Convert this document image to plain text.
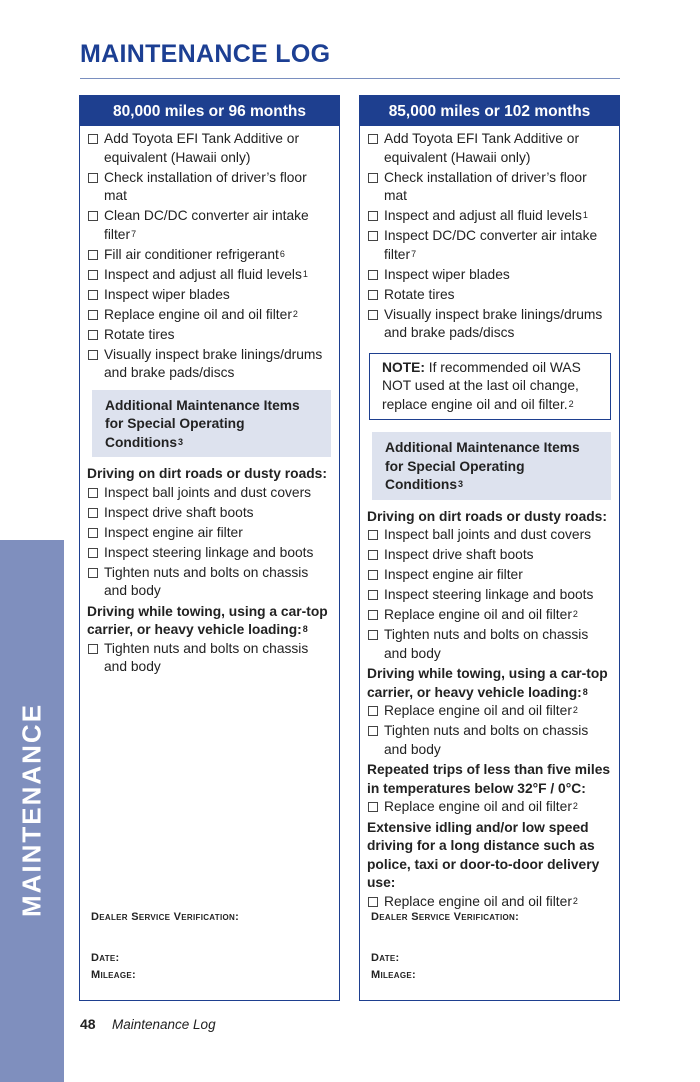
MAINTENANCE
MAINTENANCE LOG
80,000 miles or 96 months
Add Toyota EFI Tank Additive or equivalent (Hawaii only)
Check installation of driver’s floor mat
Clean DC/DC converter air intake filter$^7$
Fill air conditioner refrigerant$^6$
Inspect and adjust all fluid levels$^1$
Inspect wiper blades
Replace engine oil and oil filter$^2$
Rotate tires
Visually inspect brake linings/drums and brake pads/discs
Additional Maintenance Items for Special Operating Conditions$^3$
Driving on dirt roads or dusty roads:
Inspect ball joints and dust covers
Inspect drive shaft boots
Inspect engine air filter
Inspect steering linkage and boots
Tighten nuts and bolts on chassis and body
Driving while towing, using a car-top carrier, or heavy vehicle loading:$^8$
Tighten nuts and bolts on chassis and body
Dealer Service Verification:
Date:
Mileage:
85,000 miles or 102 months
Add Toyota EFI Tank Additive or equivalent (Hawaii only)
Check installation of driver’s floor mat
Inspect and adjust all fluid levels$^1$
Inspect DC/DC converter air intake filter$^7$
Inspect wiper blades
Rotate tires
Visually inspect brake linings/drums and brake pads/discs
NOTE: If recommended oil WAS NOT used at the last oil change, replace engine oil and oil filter.$^2$
Additional Maintenance Items for Special Operating Conditions$^3$
Driving on dirt roads or dusty roads:
Inspect ball joints and dust covers
Inspect drive shaft boots
Inspect engine air filter
Inspect steering linkage and boots
Replace engine oil and oil filter$^2$
Tighten nuts and bolts on chassis and body
Driving while towing, using a car-top carrier, or heavy vehicle loading:$^8$
Replace engine oil and oil filter$^2$
Tighten nuts and bolts on chassis and body
Repeated trips of less than five miles in temperatures below 32°F / 0°C:
Replace engine oil and oil filter$^2$
Extensive idling and/or low speed driving for a long distance such as police, taxi or door-to-door delivery use:
Replace engine oil and oil filter$^2$
Dealer Service Verification:
Date:
Mileage:
48 Maintenance Log
